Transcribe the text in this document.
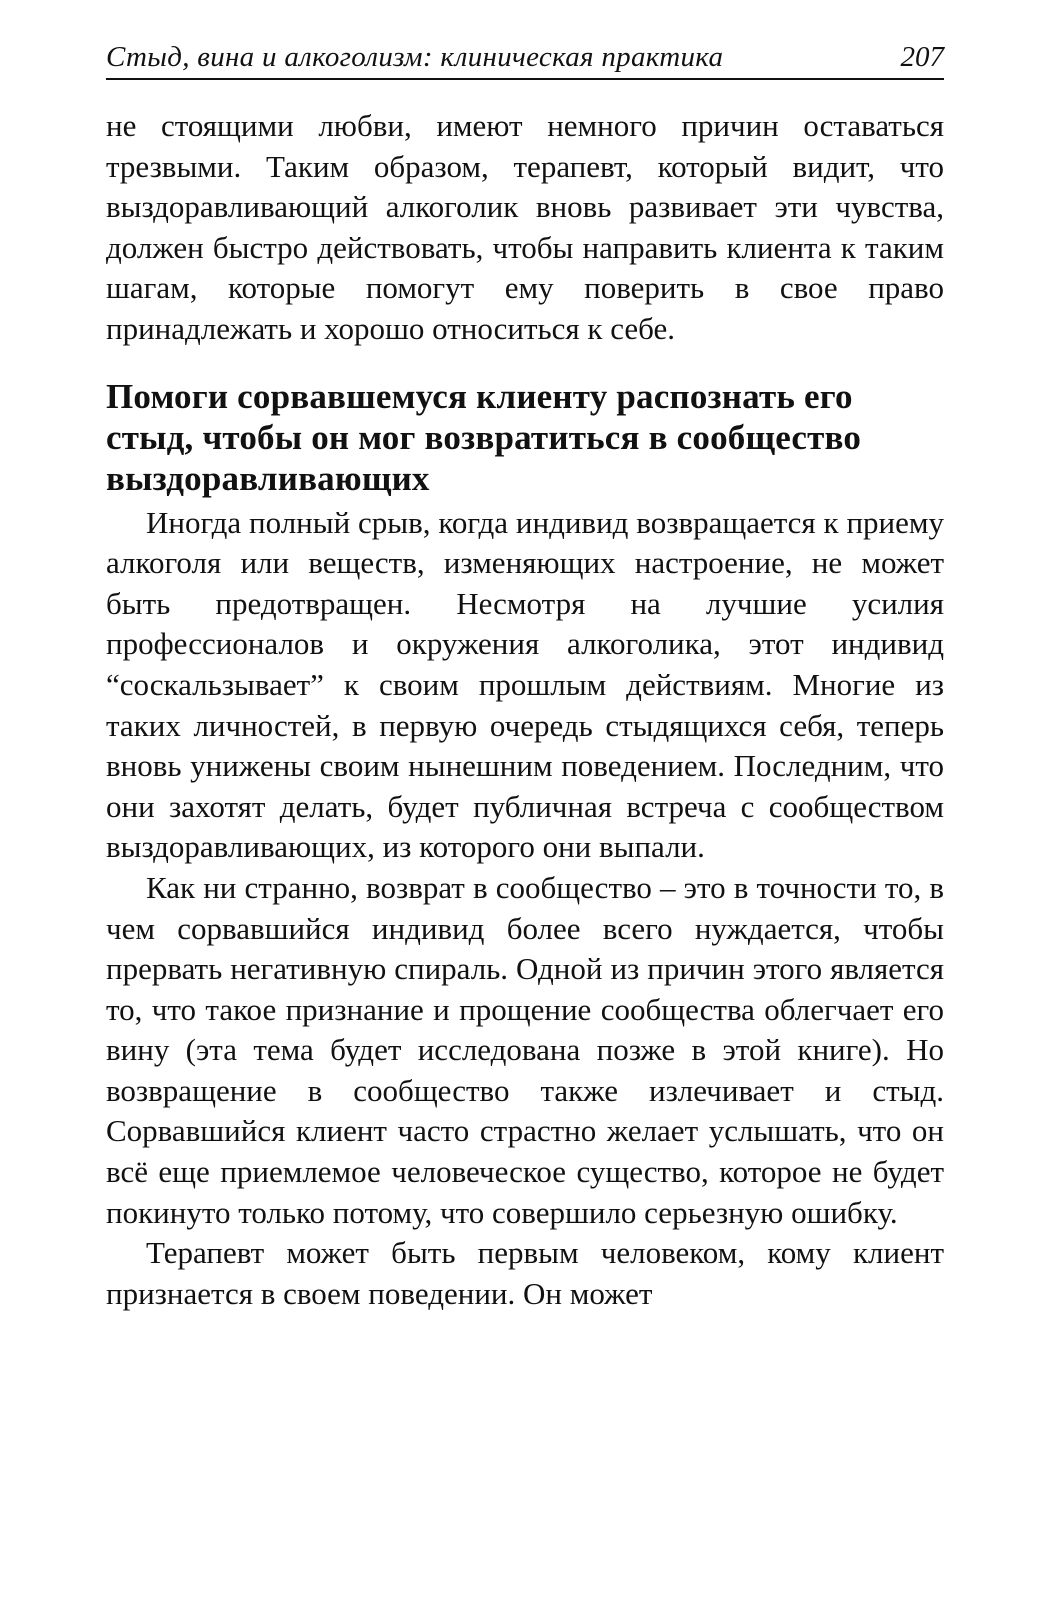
Стыд, вина и алкоголизм: клиническая практика	207

не стоящими любви, имеют немного причин оставаться трезвыми. Таким образом, терапевт, который видит, что выздоравливающий алкоголик вновь развивает эти чувства, должен быстро действовать, чтобы направить клиента к таким шагам, которые помогут ему поверить в свое право принадлежать и хорошо относиться к себе.

Помоги сорвавшемуся клиенту распознать его стыд, чтобы он мог возвратиться в сообщество выздоравливающих

Иногда полный срыв, когда индивид возвращается к приему алкоголя или веществ, изменяющих настроение, не может быть предотвращен. Несмотря на лучшие усилия профессионалов и окружения алкоголика, этот индивид “соскальзывает” к своим прошлым действиям. Многие из таких личностей, в первую очередь стыдящихся себя, теперь вновь унижены своим нынешним поведением. Последним, что они захотят делать, будет публичная встреча с сообществом выздоравливающих, из которого они выпали.

Как ни странно, возврат в сообщество – это в точности то, в чем сорвавшийся индивид более всего нуждается, чтобы прервать негативную спираль. Одной из причин этого является то, что такое признание и прощение сообщества облегчает его вину (эта тема будет исследована позже в этой книге). Но возвращение в сообщество также излечивает и стыд. Сорвавшийся клиент часто страстно желает услышать, что он всё еще приемлемое человеческое существо, которое не будет покинуто только потому, что совершило серьезную ошибку.

Терапевт может быть первым человеком, кому клиент признается в своем поведении. Он может
